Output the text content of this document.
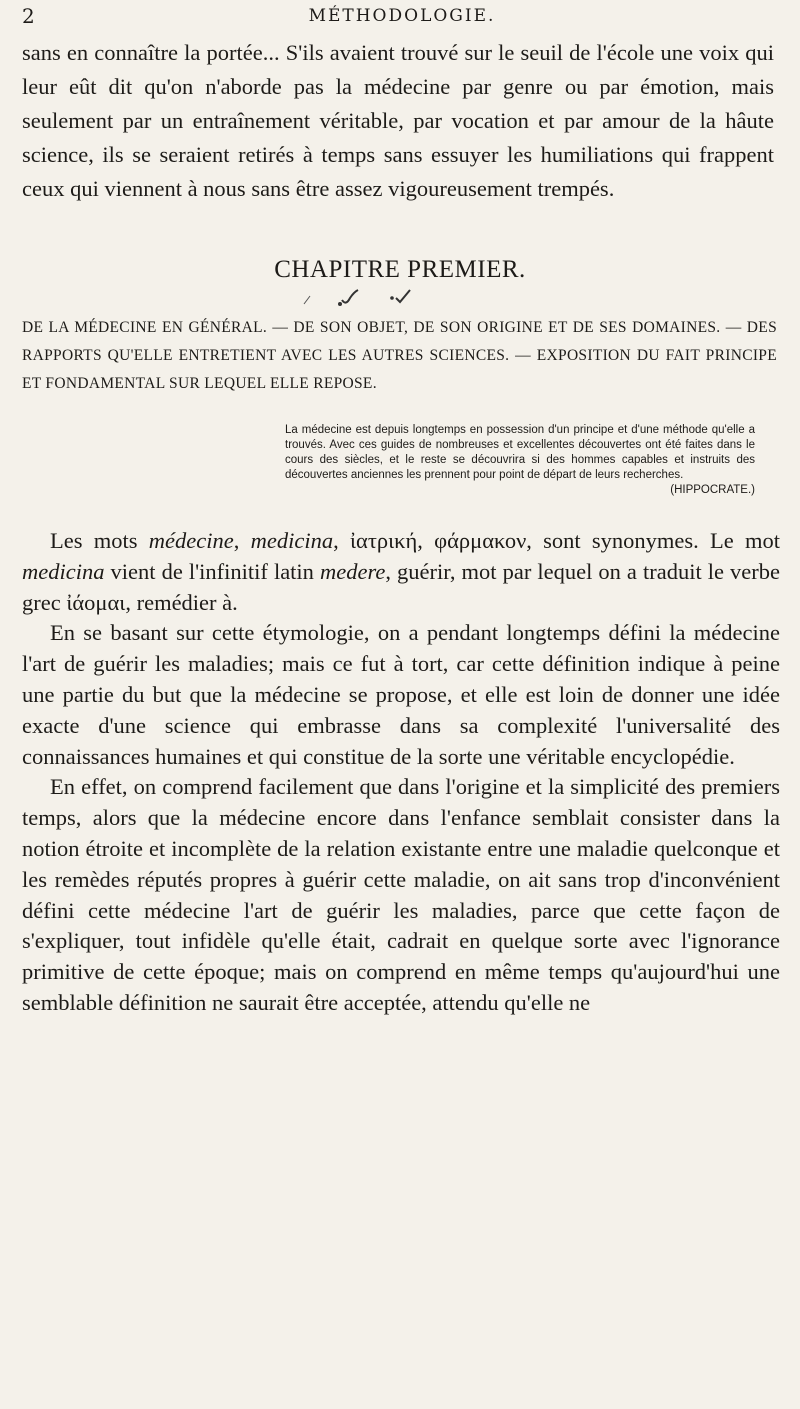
2	MÉTHODOLOGIE.

sans en connaître la portée... S'ils avaient trouvé sur le seuil de l'école une voix qui leur eût dit qu'on n'aborde pas la médecine par genre ou par émotion, mais seulement par un entraînement véritable, par vocation et par amour de la hâute science, ils se seraient retirés à temps sans essuyer les humiliations qui frappent ceux qui viennent à nous sans être assez vigoureusement trempés.

CHAPITRE PREMIER.

DE LA MÉDECINE EN GÉNÉRAL. — DE SON OBJET, DE SON ORIGINE ET DE SES DOMAINES. — DES RAPPORTS QU'ELLE ENTRETIENT AVEC LES AUTRES SCIENCES. — EXPOSITION DU FAIT PRINCIPE ET FONDAMENTAL SUR LEQUEL ELLE REPOSE.

La médecine est depuis longtemps en possession d'un principe et d'une méthode qu'elle a trouvés. Avec ces guides de nombreuses et excellentes découvertes ont été faites dans le cours des siècles, et le reste se découvrira si des hommes capables et instruits des découvertes anciennes les prennent pour point de départ de leurs recherches.
(HIPPOCRATE.)

Les mots médecine, medicina, ἰατρική, φάρμακον, sont synonymes. Le mot medicina vient de l'infinitif latin medere, guérir, mot par lequel on a traduit le verbe grec ἰάομαι, remédier à.

En se basant sur cette étymologie, on a pendant longtemps défini la médecine l'art de guérir les maladies; mais ce fut à tort, car cette définition indique à peine une partie du but que la médecine se propose, et elle est loin de donner une idée exacte d'une science qui embrasse dans sa complexité l'universalité des connaissances humaines et qui constitue de la sorte une véritable encyclopédie.

En effet, on comprend facilement que dans l'origine et la simplicité des premiers temps, alors que la médecine encore dans l'enfance semblait consister dans la notion étroite et incomplète de la relation existante entre une maladie quelconque et les remèdes réputés propres à guérir cette maladie, on ait sans trop d'inconvénient défini cette médecine l'art de guérir les maladies, parce que cette façon de s'expliquer, tout infidèle qu'elle était, cadrait en quelque sorte avec l'ignorance primitive de cette époque; mais on comprend en même temps qu'aujourd'hui une semblable définition ne saurait être acceptée, attendu qu'elle ne
